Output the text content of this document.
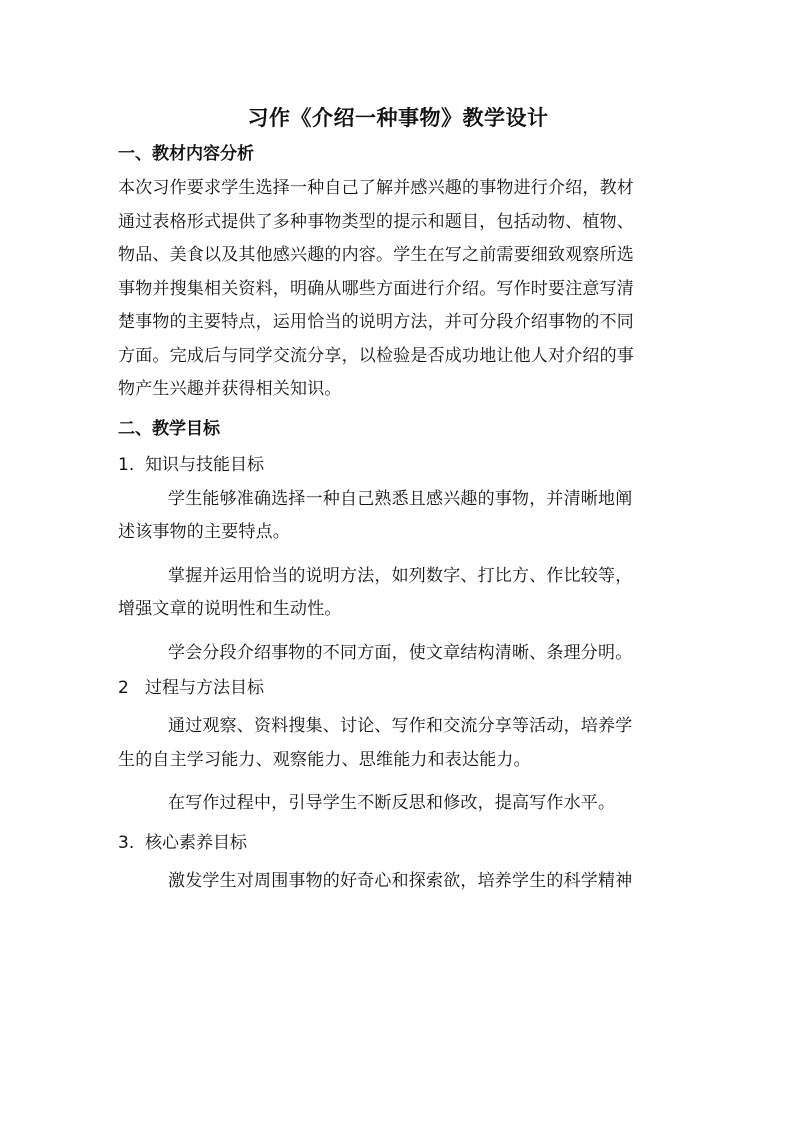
习作《介绍一种事物》教学设计
一、教材内容分析

本次习作要求学生选择一种自己了解并感兴趣的事物进行介绍，教材
通过表格形式提供了多种事物类型的提示和题目，包括动物、植物、
物品、美食以及其他感兴趣的内容。学生在写之前需要细致观察所选
事物并搜集相关资料，明确从哪些方面进行介绍。写作时要注意写清
楚事物的主要特点，运用恰当的说明方法，并可分段介绍事物的不同
方面。完成后与同学交流分享，以检验是否成功地让他人对介绍的事
物产生兴趣并获得相关知识。

二、教学目标

1.  知识与技能目标

学生能够准确选择一种自己熟悉且感兴趣的事物，并清晰地阐
述该事物的主要特点。

掌握并运用恰当的说明方法，如列数字、打比方、作比较等，
增强文章的说明性和生动性。

学会分段介绍事物的不同方面，使文章结构清晰、条理分明。

2   过程与方法目标

通过观察、资料搜集、讨论、写作和交流分享等活动，培养学
生的自主学习能力、观察能力、思维能力和表达能力。

在写作过程中，引导学生不断反思和修改，提高写作水平。

3.  核心素养目标

激发学生对周围事物的好奇心和探索欲，培养学生的科学精神
